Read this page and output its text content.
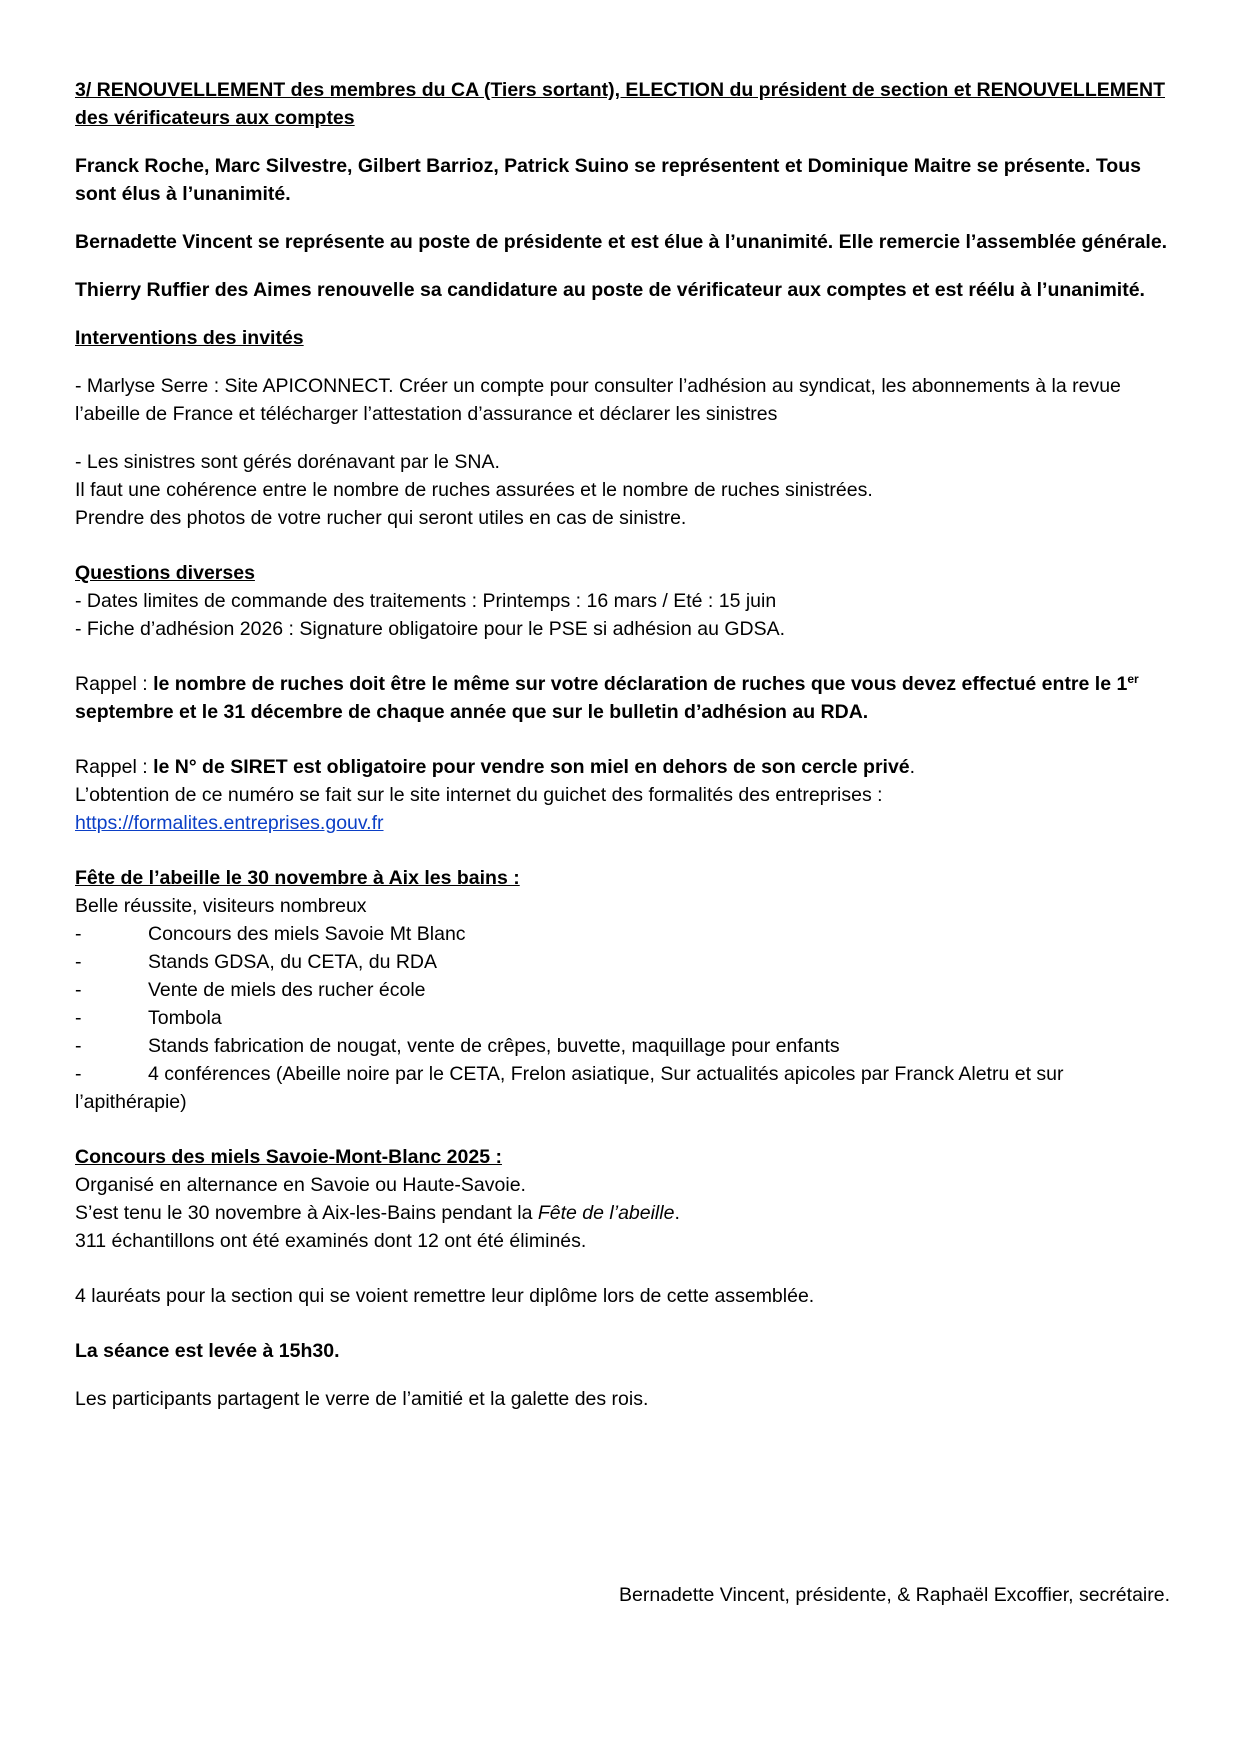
3/ RENOUVELLEMENT des membres du CA (Tiers sortant), ELECTION du président de section et RENOUVELLEMENT des vérificateurs aux comptes

Franck Roche, Marc Silvestre, Gilbert Barrioz, Patrick Suino se représentent et Dominique Maitre se présente. Tous sont élus à l’unanimité.

Bernadette Vincent se représente au poste de présidente et est élue à l’unanimité. Elle remercie l’assemblée générale.

Thierry Ruffier des Aimes renouvelle sa candidature au poste de vérificateur aux comptes et est réélu à l’unanimité.

Interventions des invités

- Marlyse Serre : Site APICONNECT. Créer un compte pour consulter l’adhésion au syndicat, les abonnements à la revue l’abeille de France et télécharger l’attestation d’assurance et déclarer les sinistres

- Les sinistres sont gérés dorénavant par le SNA.

Il faut une cohérence entre le nombre de ruches assurées et le nombre de ruches sinistrées.

Prendre des photos de votre rucher qui seront utiles en cas de sinistre.

Questions diverses

- Dates limites de commande des traitements : Printemps : 16 mars / Eté : 15 juin

- Fiche d’adhésion 2026 : Signature obligatoire pour le PSE si adhésion au GDSA.

Rappel : le nombre de ruches doit être le même sur votre déclaration de ruches que vous devez effectué entre le 1er septembre et le 31 décembre de chaque année que sur le bulletin d’adhésion au RDA.

Rappel : le N° de SIRET est obligatoire pour vendre son miel en dehors de son cercle privé.

L’obtention de ce numéro se fait sur le site internet du guichet des formalités des entreprises :

https://formalites.entreprises.gouv.fr

Fête de l’abeille le 30 novembre à Aix les bains :

Belle réussite, visiteurs nombreux

-	Concours des miels Savoie Mt Blanc
-	Stands GDSA, du CETA, du RDA
-	Vente de miels des rucher école
-	Tombola
-	Stands fabrication de nougat, vente de crêpes, buvette, maquillage pour enfants
-	4 conférences (Abeille noire par le CETA, Frelon asiatique, Sur actualités apicoles par Franck Aletru et sur

l’apithérapie)

Concours des miels Savoie-Mont-Blanc 2025 :

Organisé en alternance en Savoie ou Haute-Savoie.

S’est tenu le 30 novembre à Aix-les-Bains pendant la Fête de l’abeille.

311 échantillons ont été examinés dont 12 ont été éliminés.

4 lauréats pour la section qui se voient remettre leur diplôme lors de cette assemblée.

La séance est levée à 15h30.

Les participants partagent le verre de l’amitié et la galette des rois.

Bernadette Vincent, présidente, & Raphaël Excoffier, secrétaire.
